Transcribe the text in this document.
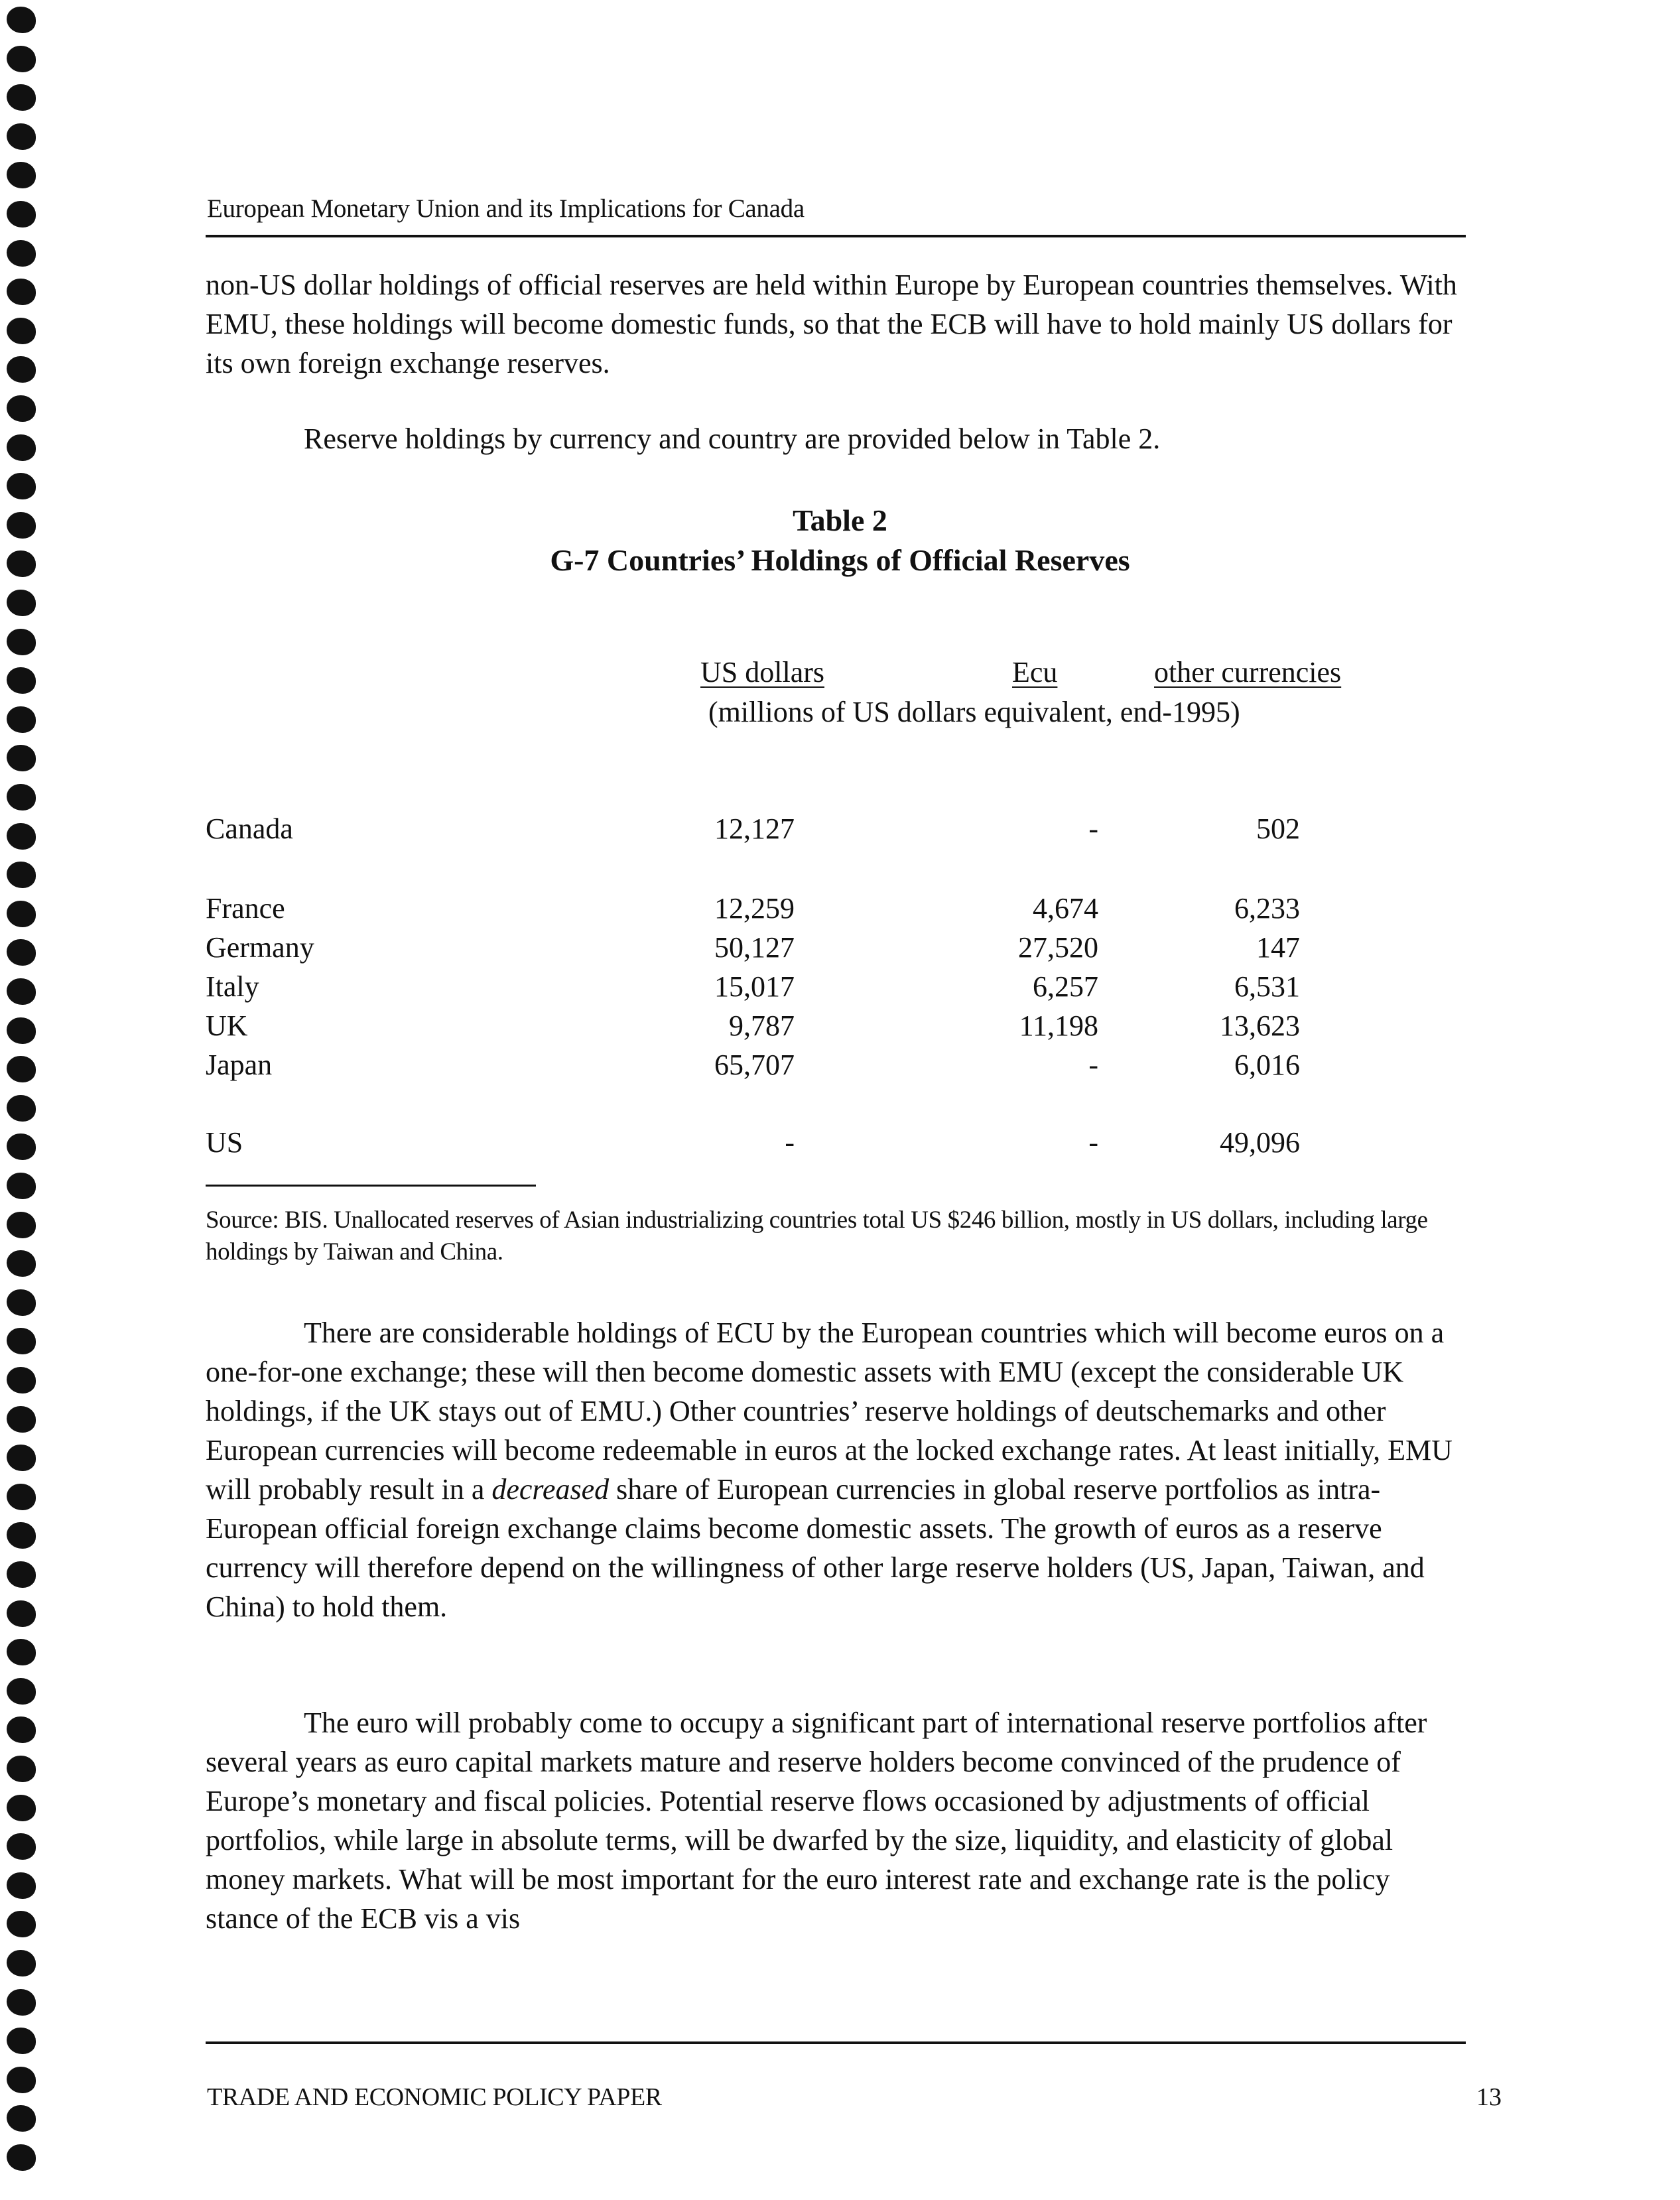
European Monetary Union and its Implications for Canada
non-US dollar holdings of official reserves are held within Europe by European countries themselves. With EMU, these holdings will become domestic funds, so that the ECB will have to hold mainly US dollars for its own foreign exchange reserves.
Reserve holdings by currency and country are provided below in Table 2.
Table 2
G-7 Countries’ Holdings of Official Reserves
US dollars	Ecu	other currencies
(millions of US dollars equivalent, end-1995)
Canada	12,127	-	502
France	12,259	4,674	6,233
Germany	50,127	27,520	147
Italy	15,017	6,257	6,531
UK	9,787	11,198	13,623
Japan	65,707	-	6,016
US	-	-	49,096
Source: BIS. Unallocated reserves of Asian industrializing countries total US $246 billion, mostly in US dollars, including large holdings by Taiwan and China.
There are considerable holdings of ECU by the European countries which will become euros on a one-for-one exchange; these will then become domestic assets with EMU (except the considerable UK holdings, if the UK stays out of EMU.) Other countries’ reserve holdings of deutschemarks and other European currencies will become redeemable in euros at the locked exchange rates. At least initially, EMU will probably result in a decreased share of European currencies in global reserve portfolios as intra-European official foreign exchange claims become domestic assets. The growth of euros as a reserve currency will therefore depend on the willingness of other large reserve holders (US, Japan, Taiwan, and China) to hold them.
The euro will probably come to occupy a significant part of international reserve portfolios after several years as euro capital markets mature and reserve holders become convinced of the prudence of Europe’s monetary and fiscal policies. Potential reserve flows occasioned by adjustments of official portfolios, while large in absolute terms, will be dwarfed by the size, liquidity, and elasticity of global money markets. What will be most important for the euro interest rate and exchange rate is the policy stance of the ECB vis a vis
TRADE AND ECONOMIC POLICY PAPER	13
